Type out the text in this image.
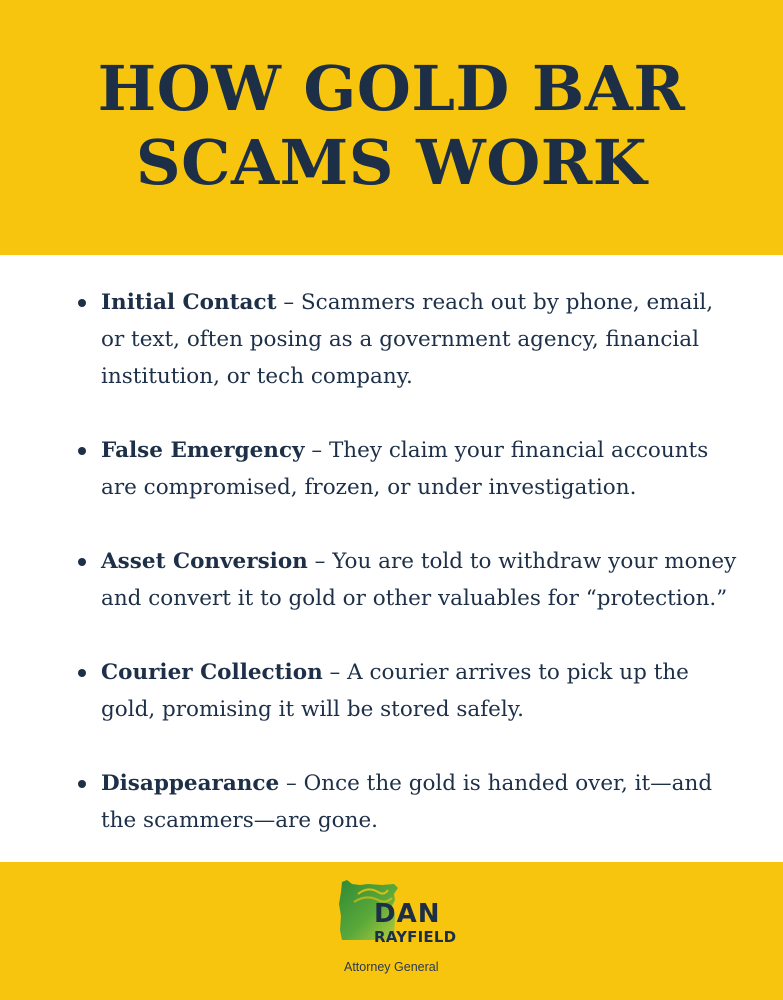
HOW GOLD BAR
SCAMS WORK
Initial Contact – Scammers reach out by phone, email, or text, often posing as a government agency, financial institution, or tech company.
False Emergency – They claim your financial accounts are compromised, frozen, or under investigation.
Asset Conversion – You are told to withdraw your money and convert it to gold or other valuables for “protection.”
Courier Collection – A courier arrives to pick up the gold, promising it will be stored safely.
Disappearance – Once the gold is handed over, it—and the scammers—are gone.
DAN
RAYFIELD
Attorney General
